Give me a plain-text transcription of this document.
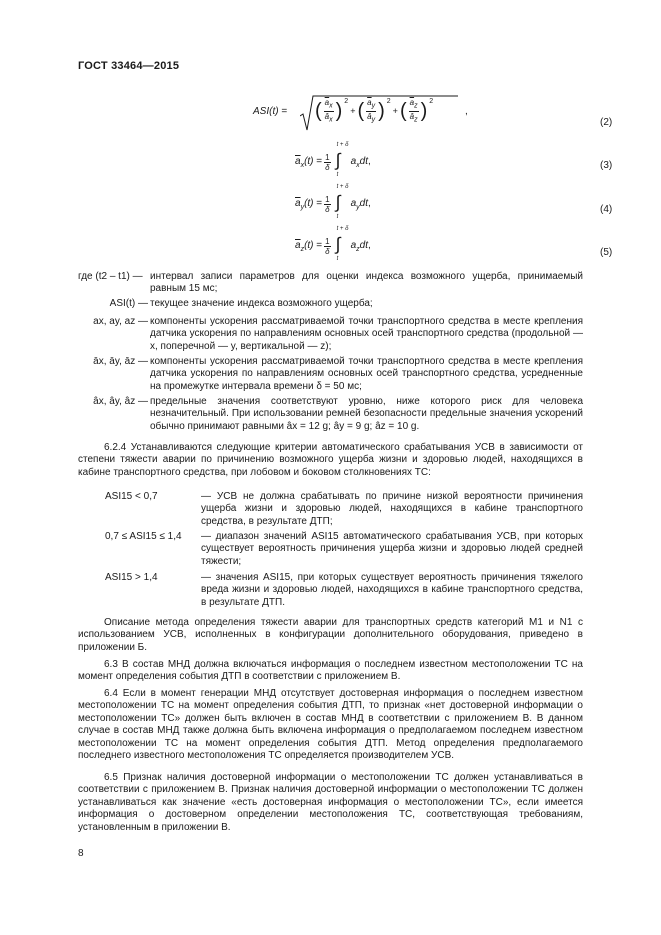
ГОСТ 33464—2015
ASI(t) = ( $\frac{\overline{a}_x}{â_x}$ ) $^2$
+ ( $\frac{\overline{a}_y}{â_y}$ ) $^2$
+ ( $\frac{\overline{a}_z}{â_z}$ ) $^2$
,
(2)
$\overline{a}_x(t) = \frac{1}{\delta}$
t + δ
∫
t
$a_xdt$,	(3)
$\overline{a}_y(t) = \frac{1}{\delta}$
t + δ
∫
t
$a_ydt$,
(4)
$\overline{a}_z(t) = \frac{1}{\delta}$
t + δ
∫
t
$a_zdt$,
(5)
где (t2 – t1) — интервал записи параметров для оценки индекса возможного ущерба, принимаемый равным 15 мс;
ASI(t) — текущее значение индекса возможного ущерба;
ax, ay, az — компоненты ускорения рассматриваемой точки транспортного средства в месте крепления датчика ускорения по направлениям основных осей транспортного средства (продольной — x, поперечной — y, вертикальной — z);
āx, āy, āz — компоненты ускорения рассматриваемой точки транспортного средства в месте крепления датчика ускорения по направлениям основных осей транспортного средства, усредненные на промежутке интервала времени δ = 50 мс;
âx, ây, âz — предельные значения соответствуют уровню, ниже которого риск для человека незначительный. При использовании ремней безопасности предельные значения ускорений обычно принимают равными âx = 12 g; ây = 9 g; âz = 10 g.
6.2.4 Устанавливаются следующие критерии автоматического срабатывания УСВ в зависимости от степени тяжести аварии по причинению возможного ущерба жизни и здоровью людей, находящихся в кабине транспортного средства, при лобовом и боковом столкновениях ТС:
ASI15 < 0,7	— УСВ не должна срабатывать по причине низкой вероятности причинения ущерба жизни и здоровью людей, находящихся в кабине транспортного средства, в результате ДТП;
0,7 ≤ ASI15 ≤ 1,4	— диапазон значений ASI15 автоматического срабатывания УСВ, при которых существует вероятность причинения ущерба жизни и здоровью людей средней тяжести;
ASI15 > 1,4	— значения ASI15, при которых существует вероятность причинения тяжелого вреда жизни и здоровью людей, находящихся в кабине транспортного средства, в результате ДТП.
Описание метода определения тяжести аварии для транспортных средств категорий М1 и N1 с использованием УСВ, исполненных в конфигурации дополнительного оборудования, приведено в приложении Б.
6.3 В состав МНД должна включаться информация о последнем известном местоположении ТС на момент определения события ДТП в соответствии с приложением В.
6.4 Если в момент генерации МНД отсутствует достоверная информация о последнем известном местоположении ТС на момент определения события ДТП, то признак «нет достоверной информации о местоположении ТС» должен быть включен в состав МНД в соответствии с приложением В. В данном случае в состав МНД также должна быть включена информация о предполагаемом последнем известном местоположении ТС на момент определения события ДТП. Метод определения предполагаемого последнего известного местоположения ТС определяется производителем УСВ.
6.5 Признак наличия достоверной информации о местоположении ТС должен устанавливаться в соответствии с приложением В. Признак наличия достоверной информации о местоположении ТС должен устанавливаться как значение «есть достоверная информация о местоположении ТС», если имеется информация о достоверном определении местоположения ТС, соответствующая требованиям, установленным в приложении В.
8
